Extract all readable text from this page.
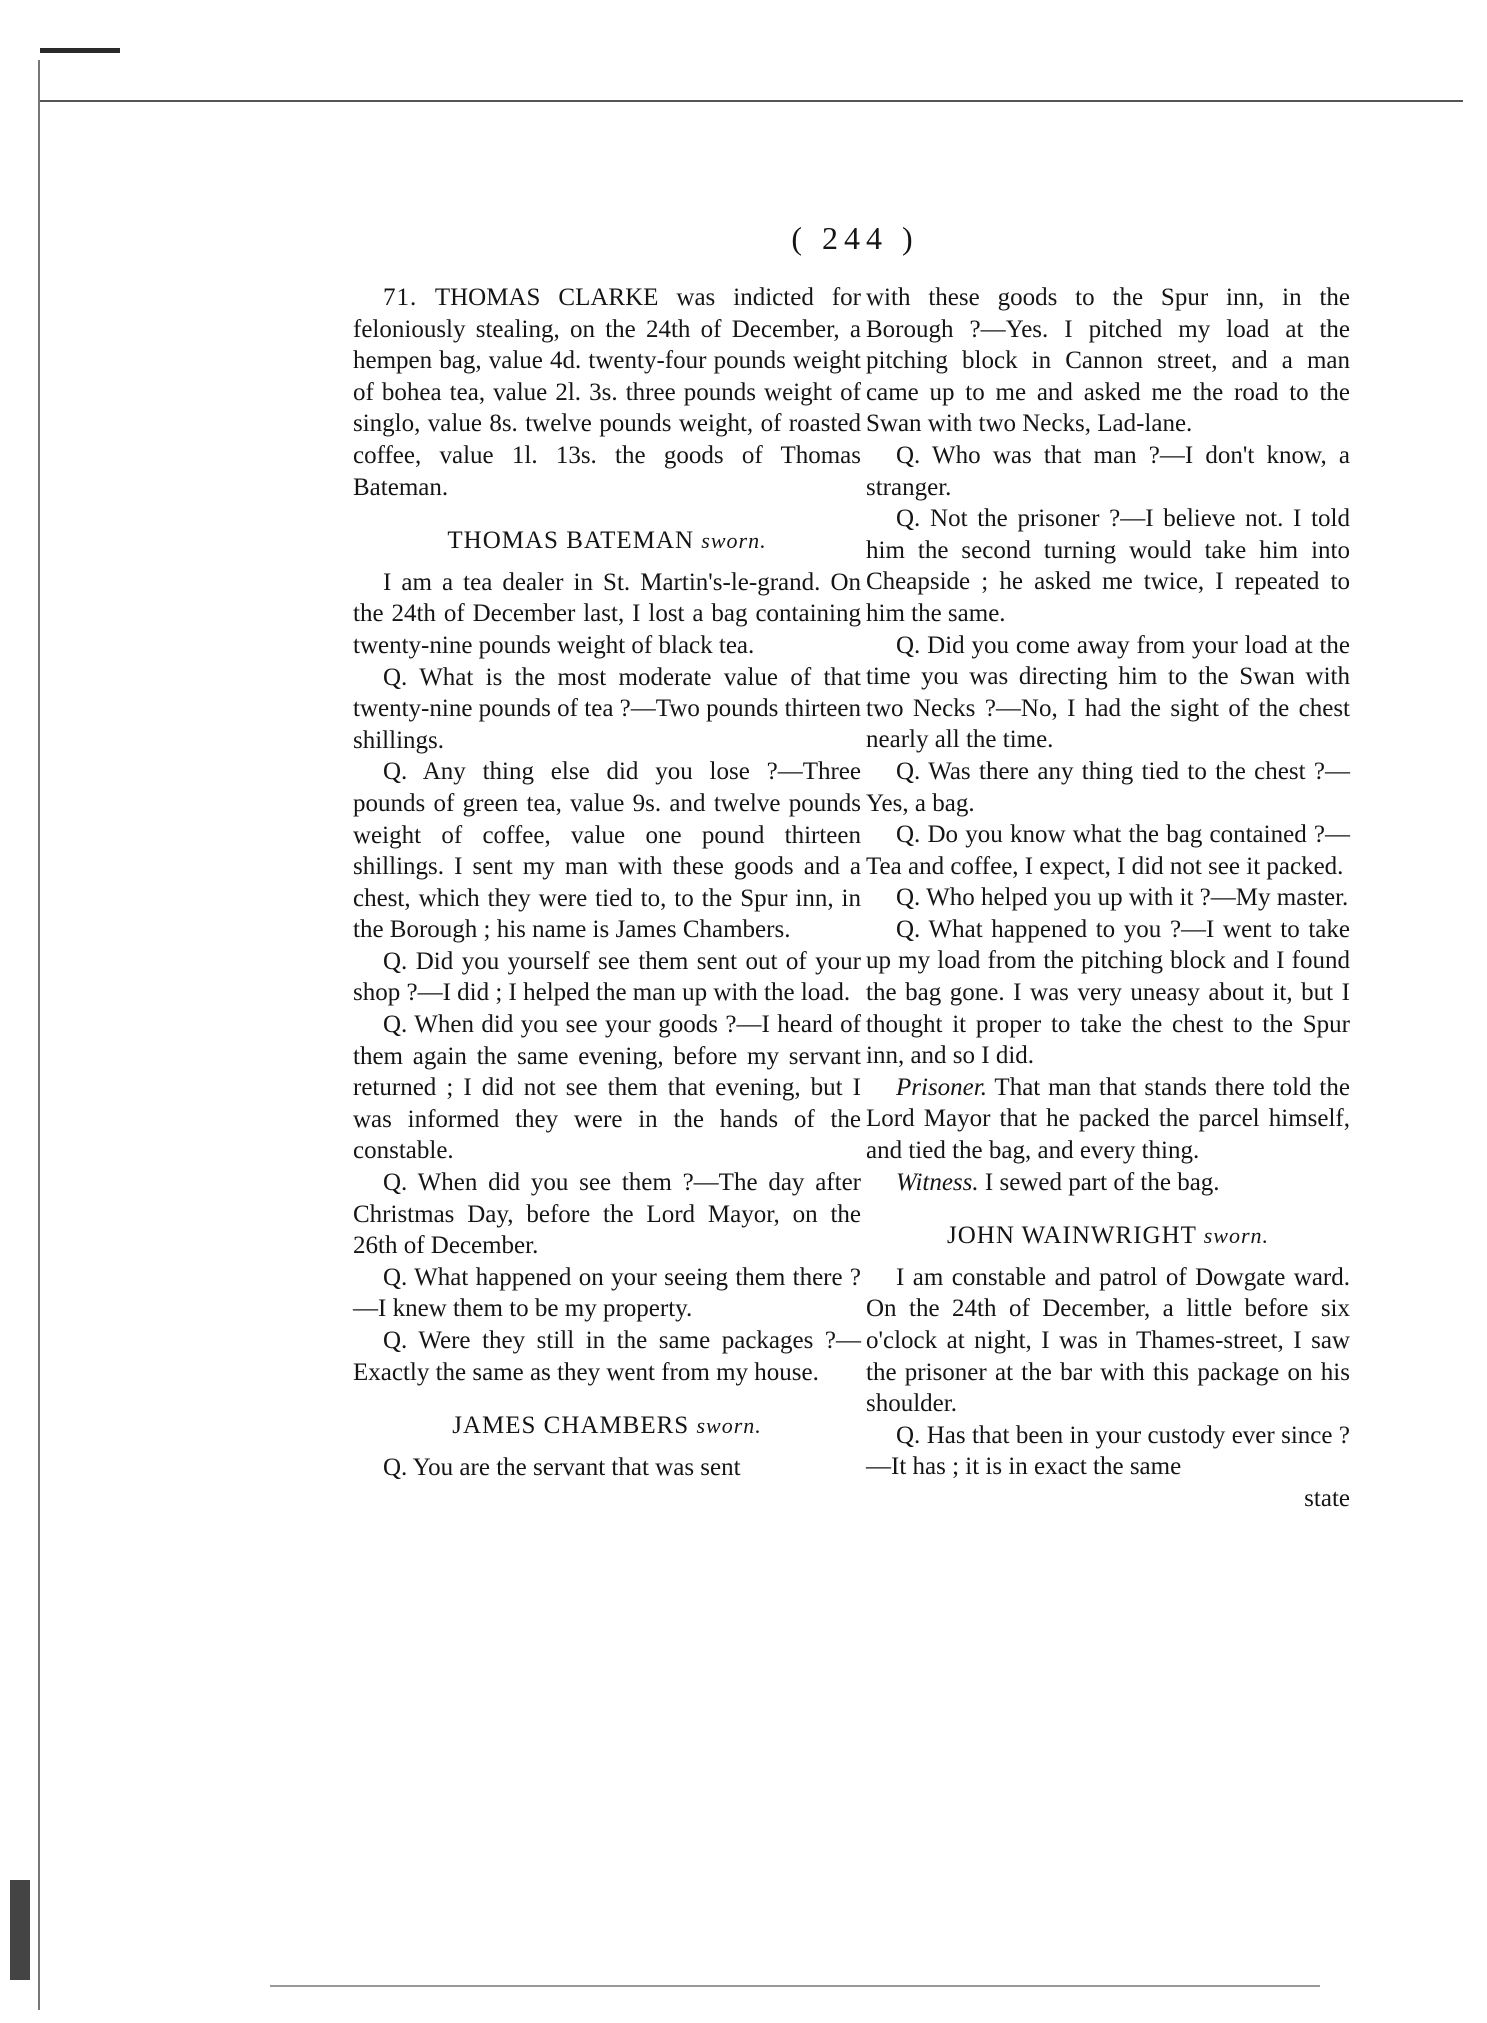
( 244 )

71. THOMAS CLARKE was indicted for feloniously stealing, on the 24th of December, a hempen bag, value 4d. twenty-four pounds weight of bohea tea, value 2l. 3s. three pounds weight of singlo, value 8s. twelve pounds weight, of roasted coffee, value 1l. 13s. the goods of Thomas Bateman.

THOMAS BATEMAN sworn.

I am a tea dealer in St. Martin's-le-grand. On the 24th of December last, I lost a bag containing twenty-nine pounds weight of black tea.

Q. What is the most moderate value of that twenty-nine pounds of tea ?—Two pounds thirteen shillings.

Q. Any thing else did you lose ?—Three pounds of green tea, value 9s. and twelve pounds weight of coffee, value one pound thirteen shillings. I sent my man with these goods and a chest, which they were tied to, to the Spur inn, in the Borough ; his name is James Chambers.

Q. Did you yourself see them sent out of your shop ?—I did ; I helped the man up with the load.

Q. When did you see your goods ?—I heard of them again the same evening, before my servant returned ; I did not see them that evening, but I was informed they were in the hands of the constable.

Q. When did you see them ?—The day after Christmas Day, before the Lord Mayor, on the 26th of December.

Q. What happened on your seeing them there ?—I knew them to be my property.

Q. Were they still in the same packages ?—Exactly the same as they went from my house.

JAMES CHAMBERS sworn.

Q. You are the servant that was sent

with these goods to the Spur inn, in the Borough ?—Yes. I pitched my load at the pitching block in Cannon street, and a man came up to me and asked me the road to the Swan with two Necks, Lad-lane.

Q. Who was that man ?—I don't know, a stranger.

Q. Not the prisoner ?—I believe not. I told him the second turning would take him into Cheapside ; he asked me twice, I repeated to him the same.

Q. Did you come away from your load at the time you was directing him to the Swan with two Necks ?—No, I had the sight of the chest nearly all the time.

Q. Was there any thing tied to the chest ?—Yes, a bag.

Q. Do you know what the bag contained ?—Tea and coffee, I expect, I did not see it packed.

Q. Who helped you up with it ?—My master.

Q. What happened to you ?—I went to take up my load from the pitching block and I found the bag gone. I was very uneasy about it, but I thought it proper to take the chest to the Spur inn, and so I did.

Prisoner. That man that stands there told the Lord Mayor that he packed the parcel himself, and tied the bag, and every thing.

Witness. I sewed part of the bag.

JOHN WAINWRIGHT sworn.

I am constable and patrol of Dowgate ward. On the 24th of December, a little before six o'clock at night, I was in Thames-street, I saw the prisoner at the bar with this package on his shoulder.

Q. Has that been in your custody ever since ?—It has ; it is in exact the same

state
